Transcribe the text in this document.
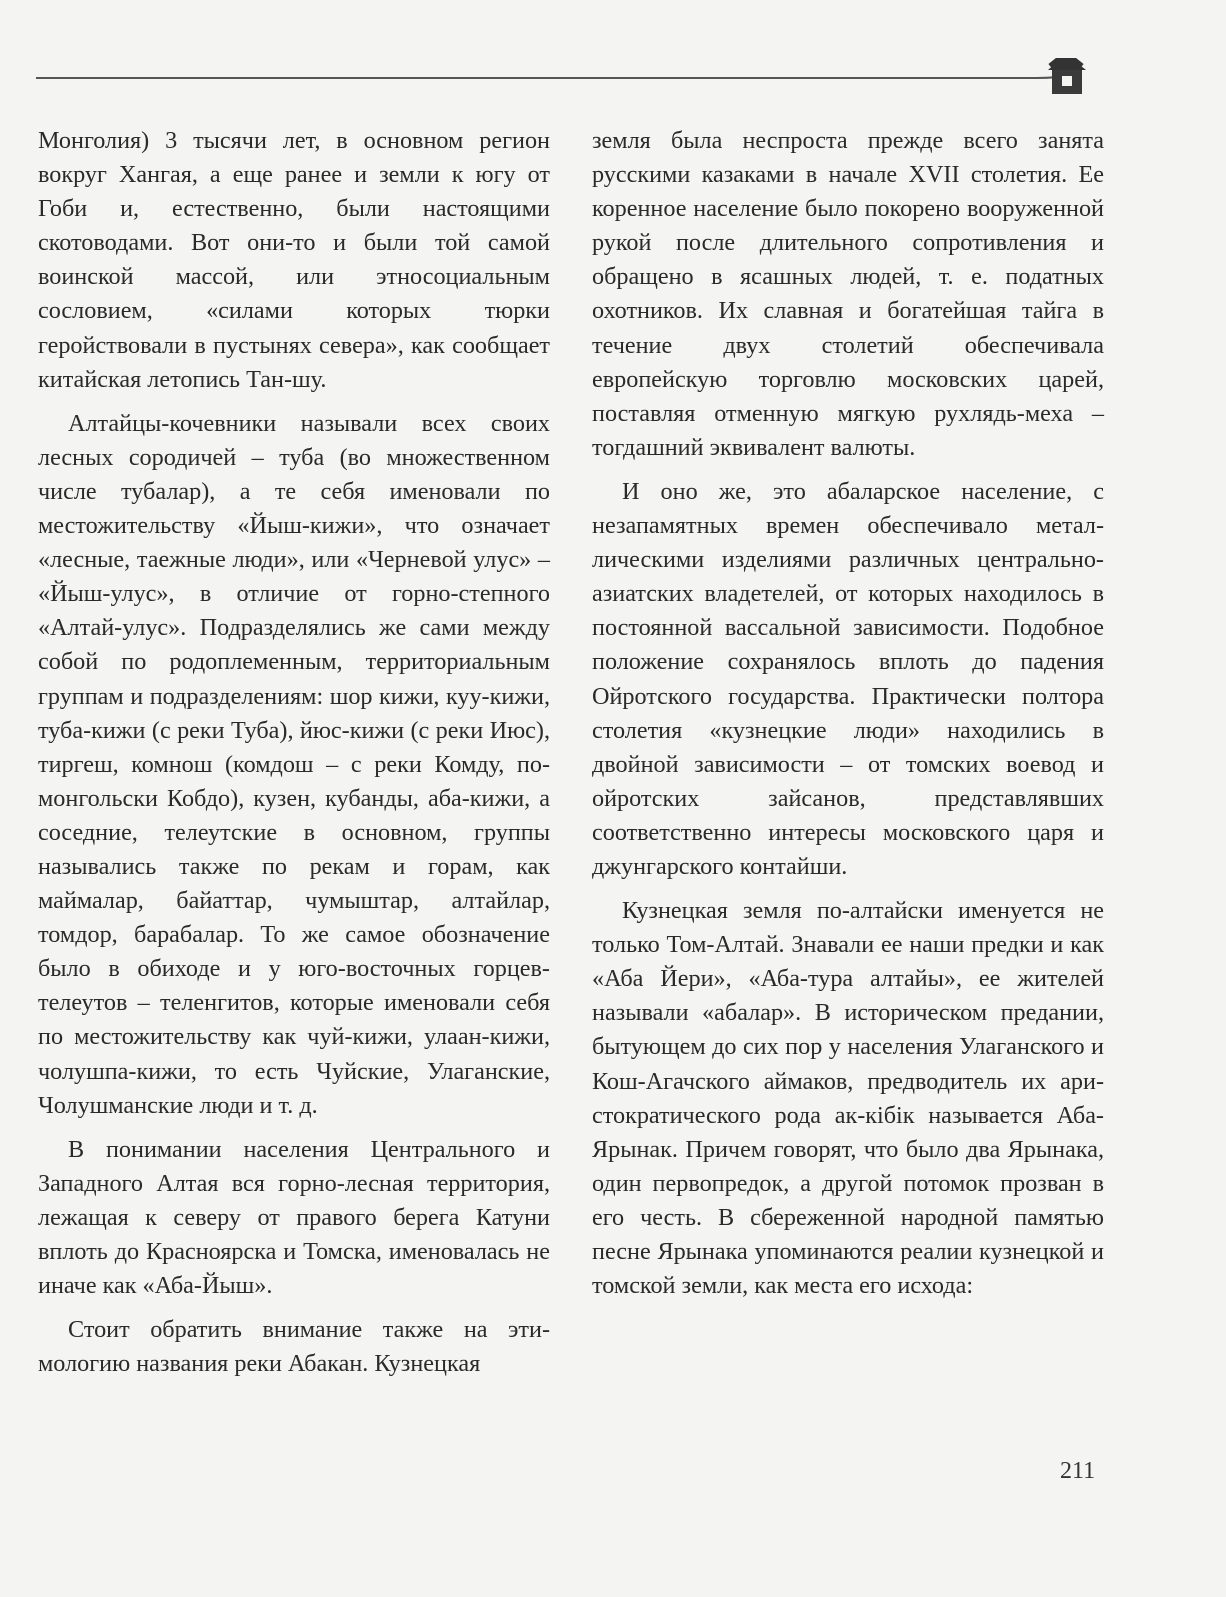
Монголия) 3 тысячи лет, в основном регион вокруг Хангая, а еще ранее и земли к югу от Гоби и, естественно, были настоящими скотоводами. Вот они-то и были той самой воинской массой, или этносоциальным сословием, «силами которых тюрки геройствовали в пустынях севера», как сообщает китайская летопись Тан-шу.

Алтайцы-кочевники называли всех своих лесных сородичей – туба (во множественном числе тубалар), а те себя именовали по местожительству «Йыш-кижи», что означает «лесные, таежные люди», или «Черневой улус» – «Йыш-улус», в отличие от горно-степного «Алтай-улус». Подразделялись же сами между собой по родоплеменным, территориальным группам и подразделениям: шор кижи, куу-кижи, туба-кижи (с реки Туба), йюс-кижи (с реки Июс), тиргеш, комнош (комдош – с реки Комду, по-монгольски Кобдо), кузен, кубанды, аба-кижи, а соседние, телеутские в основном, группы назывались также по рекам и горам, как маймалар, байаттар, чумыштар, алтайлар, томдор, барабалар. То же самое обозначение было в обиходе и у юго-восточных горцев-телеутов – теленгитов, которые именовали себя по местожительству как чуй-кижи, улаан-кижи, чолушпа-кижи, то есть Чуйские, Улаганские, Чолушманские люди и т. д.

В понимании населения Центрального и Западного Алтая вся горно-лесная территория, лежащая к северу от правого берега Катуни вплоть до Красноярска и Томска, именовалась не иначе как «Аба-Йыш».

Стоит обратить внимание также на этимологию названия реки Абакан. Кузнецкая

земля была неспроста прежде всего занята русскими казаками в начале XVII столетия. Ее коренное население было покорено вооруженной рукой после длительного сопротивления и обращено в ясашных людей, т. е. податных охотников. Их славная и богатейшая тайга в течение двух столетий обеспечивала европейскую торговлю московских царей, поставляя отменную мягкую рухлядь-меха – тогдашний эквивалент валюты.

И оно же, это абаларское население, с незапамятных времен обеспечивало металлическими изделиями различных центрально-азиатских владетелей, от которых находилось в постоянной вассальной зависимости. Подобное положение сохранялось вплоть до падения Ойротского государства. Практически полтора столетия «кузнецкие люди» находились в двойной зависимости – от томских воевод и ойротских зайсанов, представлявших соответственно интересы московского царя и джунгарского контайши.

Кузнецкая земля по-алтайски именуется не только Том-Алтай. Знавали ее наши предки и как «Аба Йери», «Аба-тура алтайы», ее жителей называли «абалар». В историческом предании, бытующем до сих пор у населения Улаганского и Кош-Агачского аймаков, предводитель их аристократического рода ак-кібік называется Аба-Ярынак. Причем говорят, что было два Ярынака, один первопредок, а другой потомок прозван в его честь. В сбереженной народной памятью песне Ярынака упоминаются реалии кузнецкой и томской земли, как места его исхода:

211
